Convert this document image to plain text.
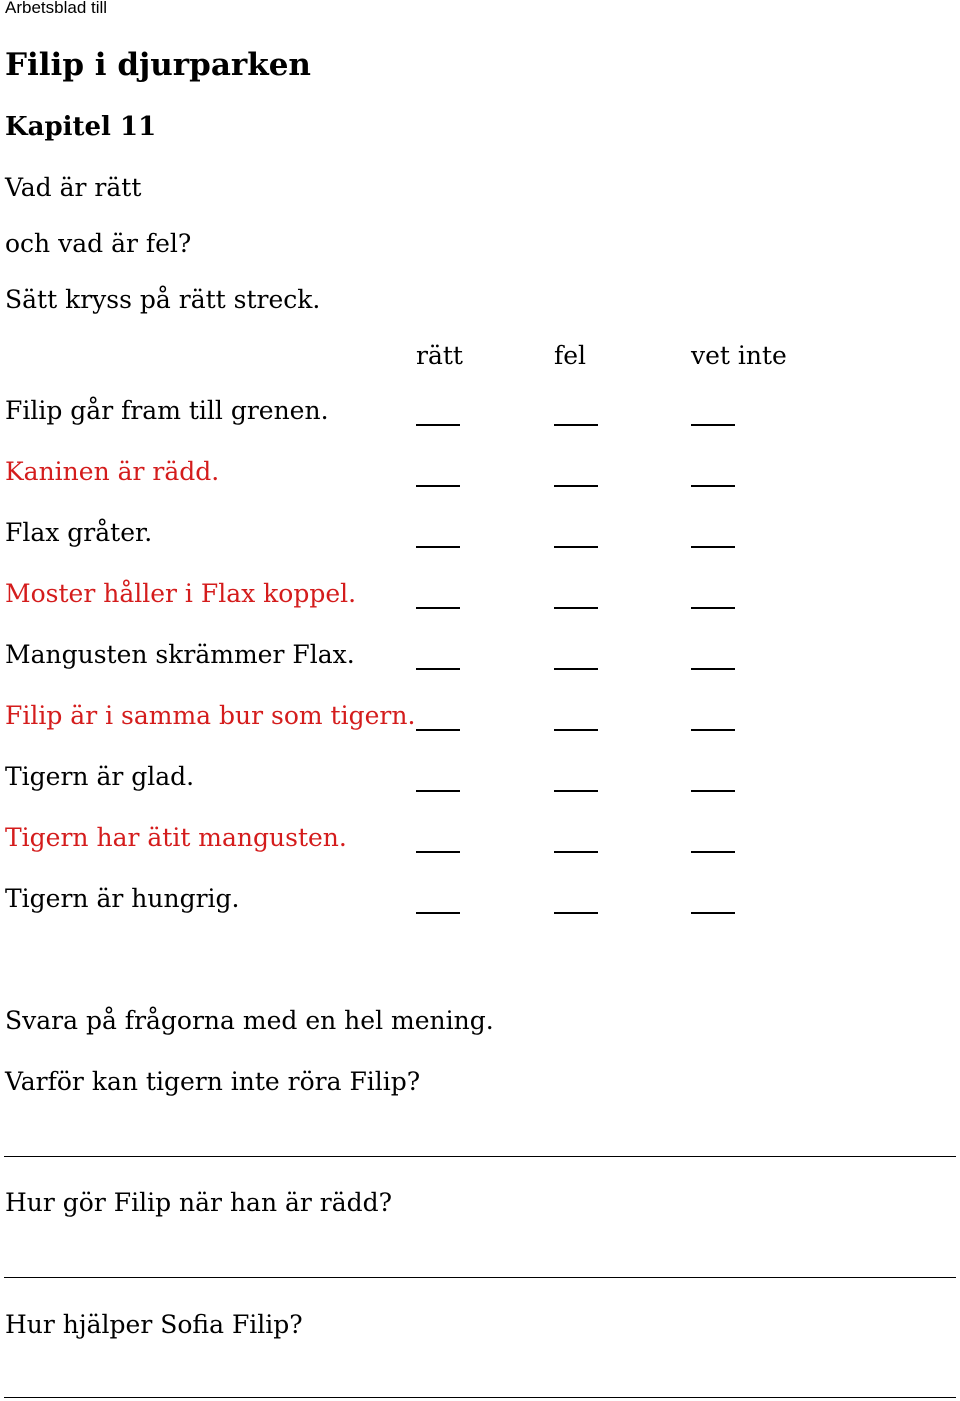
Arbetsblad till
Filip i djurparken
Kapitel 11
Vad är rätt
och vad är fel?
Sätt kryss på rätt streck.
rätt	fel	vet inte
Filip går fram till grenen.
Kaninen är rädd.
Flax gråter.
Moster håller i Flax koppel.
Mangusten skrämmer Flax.
Filip är i samma bur som tigern.
Tigern är glad.
Tigern har ätit mangusten.
Tigern är hungrig.
Svara på frågorna med en hel mening.
Varför kan tigern inte röra Filip?
Hur gör Filip när han är rädd?
Hur hjälper Sofia Filip?
